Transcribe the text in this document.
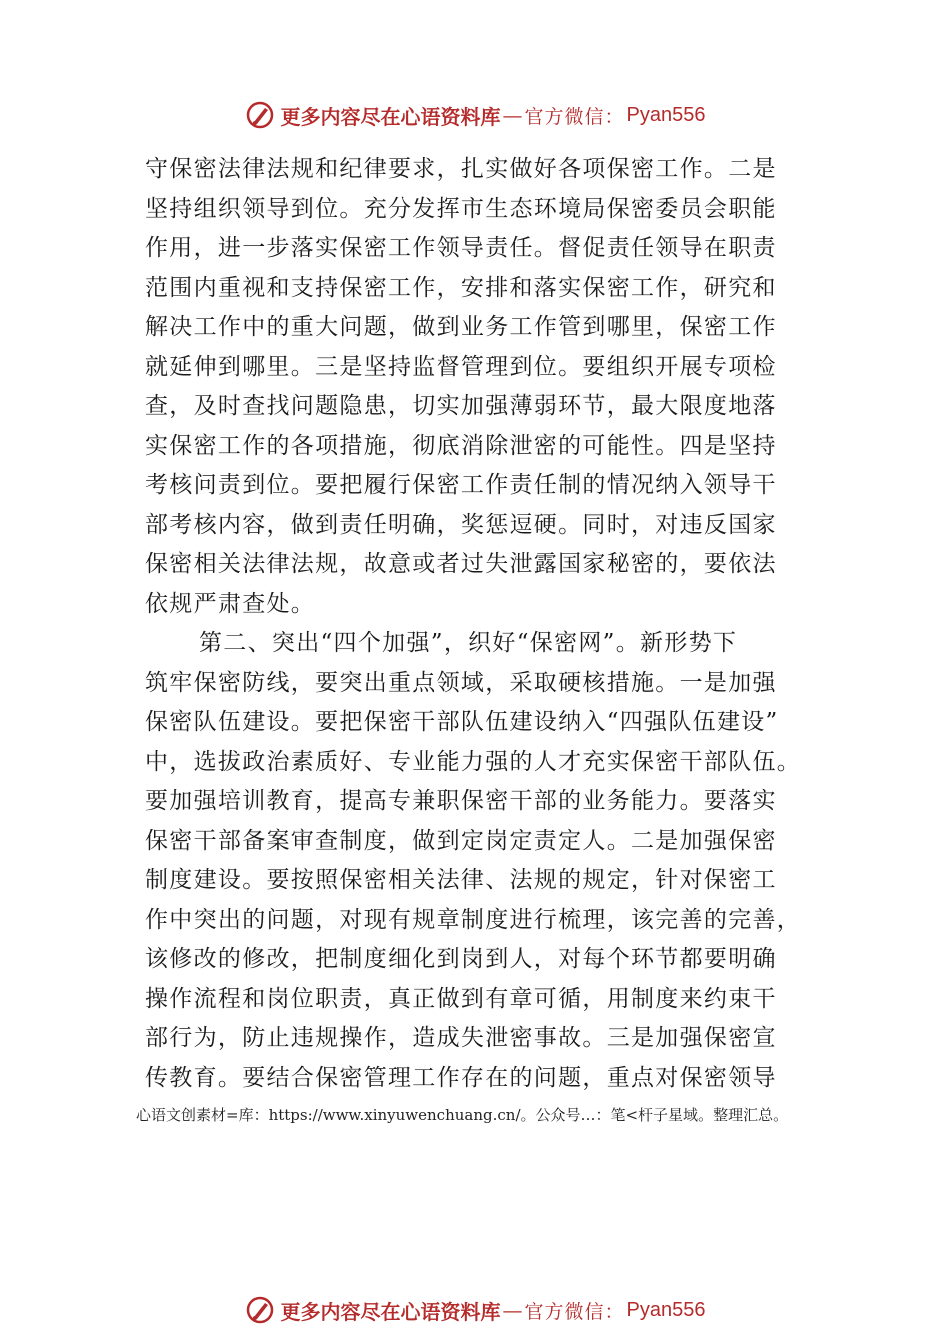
更多内容尽在心语资料库 — 官方微信： Pyan556
守保密法律法规和纪律要求，扎实做好各项保密工作。二是
坚持组织领导到位。充分发挥市生态环境局保密委员会职能
作用，进一步落实保密工作领导责任。督促责任领导在职责
范围内重视和支持保密工作，安排和落实保密工作，研究和
解决工作中的重大问题，做到业务工作管到哪里，保密工作
就延伸到哪里。三是坚持监督管理到位。要组织开展专项检
查，及时查找问题隐患，切实加强薄弱环节，最大限度地落
实保密工作的各项措施，彻底消除泄密的可能性。四是坚持
考核问责到位。要把履行保密工作责任制的情况纳入领导干
部考核内容，做到责任明确，奖惩逗硬。同时，对违反国家
保密相关法律法规，故意或者过失泄露国家秘密的，要依法
依规严肃查处。
第二、突出“四个加强”，织好“保密网”。新形势下
筑牢保密防线，要突出重点领域，采取硬核措施。一是加强
保密队伍建设。要把保密干部队伍建设纳入“四强队伍建设”
中，选拔政治素质好、专业能力强的人才充实保密干部队伍。
要加强培训教育，提高专兼职保密干部的业务能力。要落实
保密干部备案审查制度，做到定岗定责定人。二是加强保密
制度建设。要按照保密相关法律、法规的规定，针对保密工
作中突出的问题，对现有规章制度进行梳理，该完善的完善，
该修改的修改，把制度细化到岗到人，对每个环节都要明确
操作流程和岗位职责，真正做到有章可循，用制度来约束干
部行为，防止违规操作，造成失泄密事故。三是加强保密宣
传教育。要结合保密管理工作存在的问题，重点对保密领导
心语文创素材=库：https://www.xinyuwenchuang.cn/。公众号…：笔<杆子星域。整理汇总。
更多内容尽在心语资料库 — 官方微信： Pyan556
